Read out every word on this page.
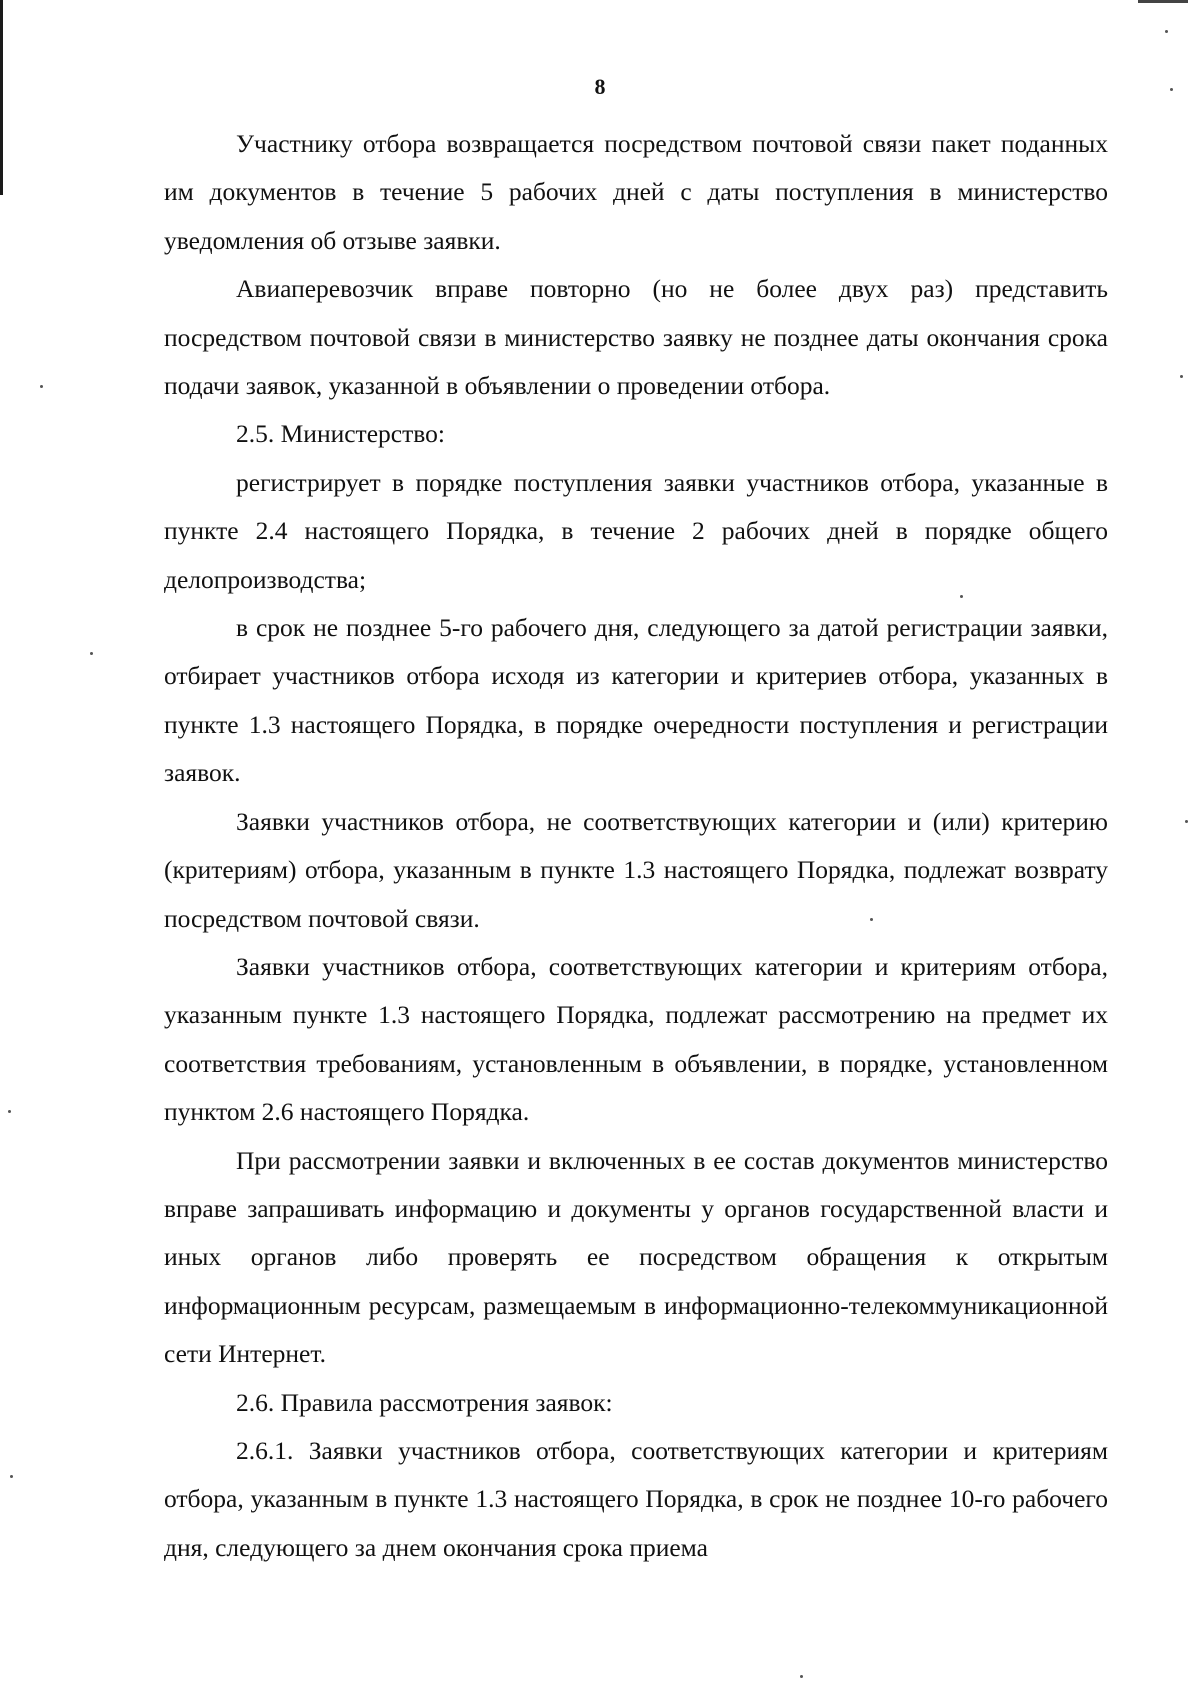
8

Участнику отбора возвращается посредством почтовой связи пакет поданных им документов в течение 5 рабочих дней с даты поступления в министерство уведомления об отзыве заявки.

Авиаперевозчик вправе повторно (но не более двух раз) представить посредством почтовой связи в министерство заявку не позднее даты окончания срока подачи заявок, указанной в объявлении о проведении отбора.

2.5. Министерство:

регистрирует в порядке поступления заявки участников отбора, указанные в пункте 2.4 настоящего Порядка, в течение 2 рабочих дней в порядке общего делопроизводства;

в срок не позднее 5-го рабочего дня, следующего за датой регистрации заявки, отбирает участников отбора исходя из категории и критериев отбора, указанных в пункте 1.3 настоящего Порядка, в порядке очередности поступления и регистрации заявок.

Заявки участников отбора, не соответствующих категории и (или) критерию (критериям) отбора, указанным в пункте 1.3 настоящего Порядка, подлежат возврату посредством почтовой связи.

Заявки участников отбора, соответствующих категории и критериям отбора, указанным пункте 1.3 настоящего Порядка, подлежат рассмотрению на предмет их соответствия требованиям, установленным в объявлении, в порядке, установленном пунктом 2.6 настоящего Порядка.

При рассмотрении заявки и включенных в ее состав документов министерство вправе запрашивать информацию и документы у органов государственной власти и иных органов либо проверять ее посредством обращения к открытым информационным ресурсам, размещаемым в информационно-телекоммуникационной сети Интернет.

2.6. Правила рассмотрения заявок:

2.6.1. Заявки участников отбора, соответствующих категории и критериям отбора, указанным в пункте 1.3 настоящего Порядка, в срок не позднее 10-го рабочего дня, следующего за днем окончания срока приема
